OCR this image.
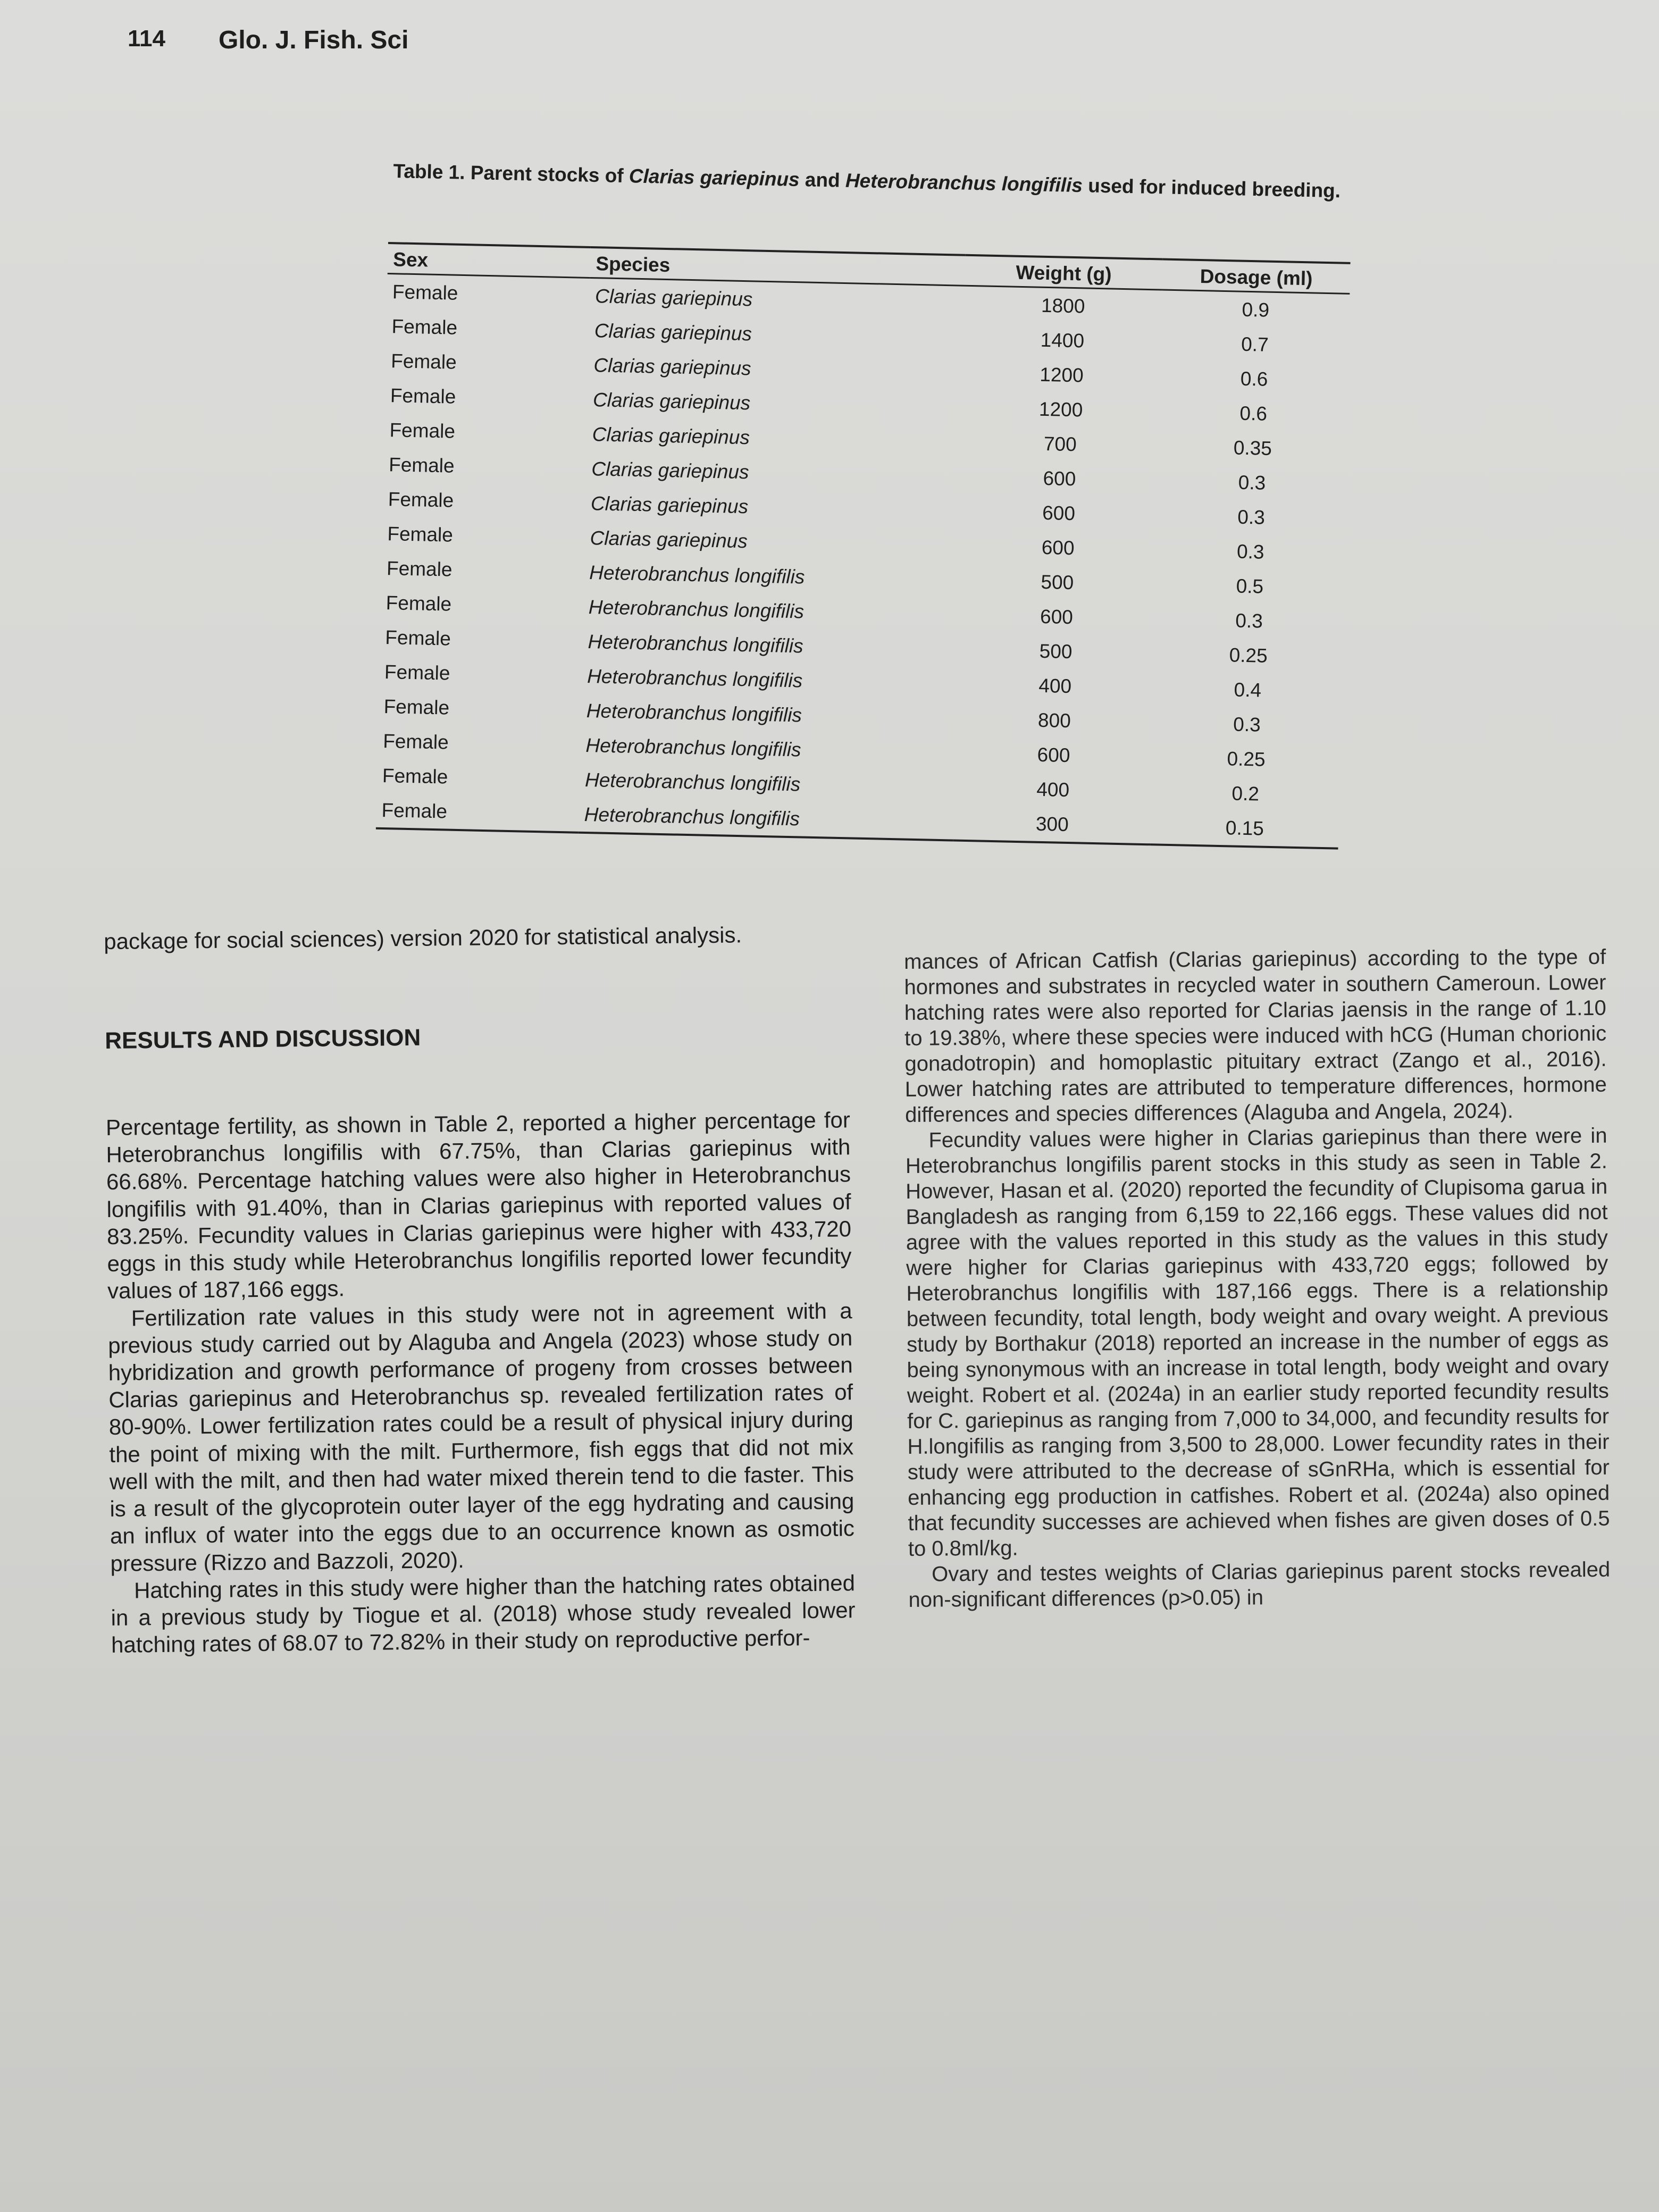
114 Glo. J. Fish. Sci
Table 1. Parent stocks of Clarias gariepinus and Heterobranchus longifilis used for induced breeding.
Sex	Species	Weight (g)	Dosage (ml)
Female	Clarias gariepinus	1800	0.9
Female	Clarias gariepinus	1400	0.7
Female	Clarias gariepinus	1200	0.6
Female	Clarias gariepinus	1200	0.6
Female	Clarias gariepinus	700	0.35
Female	Clarias gariepinus	600	0.3
Female	Clarias gariepinus	600	0.3
Female	Clarias gariepinus	600	0.3
Female	Heterobranchus longifilis	500	0.5
Female	Heterobranchus longifilis	600	0.3
Female	Heterobranchus longifilis	500	0.25
Female	Heterobranchus longifilis	400	0.4
Female	Heterobranchus longifilis	800	0.3
Female	Heterobranchus longifilis	600	0.25
Female	Heterobranchus longifilis	400	0.2
Female	Heterobranchus longifilis	300	0.15

package for social sciences) version 2020 for statistical analysis.

RESULTS AND DISCUSSION

Percentage fertility, as shown in Table 2, reported a higher percentage for Heterobranchus longifilis with 67.75%, than Clarias gariepinus with 66.68%. Percentage hatching values were also higher in Heterobranchus longifilis with 91.40%, than in Clarias gariepinus with reported values of 83.25%. Fecundity values in Clarias gariepinus were higher with 433,720 eggs in this study while Heterobranchus longifilis reported lower fecundity values of 187,166 eggs.

Fertilization rate values in this study were not in agreement with a previous study carried out by Alaguba and Angela (2023) whose study on hybridization and growth performance of progeny from crosses between Clarias gariepinus and Heterobranchus sp. revealed fertilization rates of 80-90%. Lower fertilization rates could be a result of physical injury during the point of mixing with the milt. Furthermore, fish eggs that did not mix well with the milt, and then had water mixed therein tend to die faster. This is a result of the glycoprotein outer layer of the egg hydrating and causing an influx of water into the eggs due to an occurrence known as osmotic pressure (Rizzo and Bazzoli, 2020).

Hatching rates in this study were higher than the hatching rates obtained in a previous study by Tiogue et al. (2018) whose study revealed lower hatching rates of 68.07 to 72.82% in their study on reproductive perfor-

mances of African Catfish (Clarias gariepinus) according to the type of hormones and substrates in recycled water in southern Cameroun. Lower hatching rates were also reported for Clarias jaensis in the range of 1.10 to 19.38%, where these species were induced with hCG (Human chorionic gonadotropin) and homoplastic pituitary extract (Zango et al., 2016). Lower hatching rates are attributed to temperature differences, hormone differences and species differences (Alaguba and Angela, 2024).

Fecundity values were higher in Clarias gariepinus than there were in Heterobranchus longifilis parent stocks in this study as seen in Table 2. However, Hasan et al. (2020) reported the fecundity of Clupisoma garua in Bangladesh as ranging from 6,159 to 22,166 eggs. These values did not agree with the values reported in this study as the values in this study were higher for Clarias gariepinus with 433,720 eggs; followed by Heterobranchus longifilis with 187,166 eggs. There is a relationship between fecundity, total length, body weight and ovary weight. A previous study by Borthakur (2018) reported an increase in the number of eggs as being synonymous with an increase in total length, body weight and ovary weight. Robert et al. (2024a) in an earlier study reported fecundity results for C. gariepinus as ranging from 7,000 to 34,000, and fecundity results for H.longifilis as ranging from 3,500 to 28,000. Lower fecundity rates in their study were attributed to the decrease of sGnRHa, which is essential for enhancing egg production in catfishes. Robert et al. (2024a) also opined that fecundity successes are achieved when fishes are given doses of 0.5 to 0.8ml/kg.

Ovary and testes weights of Clarias gariepinus parent stocks revealed non-significant differences (p>0.05) in
